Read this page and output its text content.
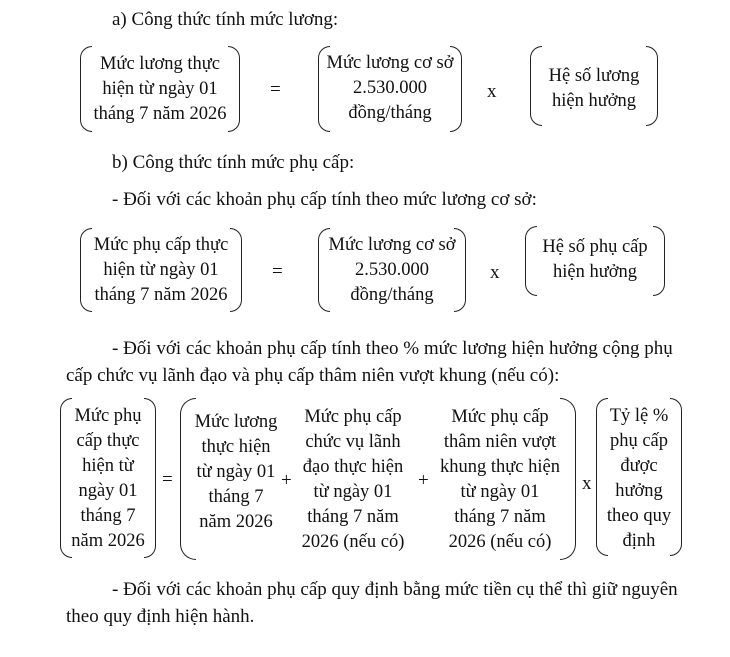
a) Công thức tính mức lương:
Mức lương thực
hiện từ ngày 01
tháng 7 năm 2026
=
Mức lương cơ sở
2.530.000
đồng/tháng
x
Hệ số lương
hiện hưởng
b) Công thức tính mức phụ cấp:
- Đối với các khoản phụ cấp tính theo mức lương cơ sở:
Mức phụ cấp thực
hiện từ ngày 01
tháng 7 năm 2026
=
Mức lương cơ sở
2.530.000
đồng/tháng
x
Hệ số phụ cấp
hiện hưởng
- Đối với các khoản phụ cấp tính theo % mức lương hiện hưởng cộng phụ
cấp chức vụ lãnh đạo và phụ cấp thâm niên vượt khung (nếu có):
Mức phụ
cấp thực
hiện từ
ngày 01
tháng 7
năm 2026
=
Mức lương
thực hiện
từ ngày 01
tháng 7
năm 2026
+
Mức phụ cấp
chức vụ lãnh
đạo thực hiện
từ ngày 01
tháng 7 năm
2026 (nếu có)
+
Mức phụ cấp
thâm niên vượt
khung thực hiện
từ ngày 01
tháng 7 năm
2026 (nếu có)
x
Tỷ lệ %
phụ cấp
được
hưởng
theo quy
định
- Đối với các khoản phụ cấp quy định bằng mức tiền cụ thể thì giữ nguyên
theo quy định hiện hành.
